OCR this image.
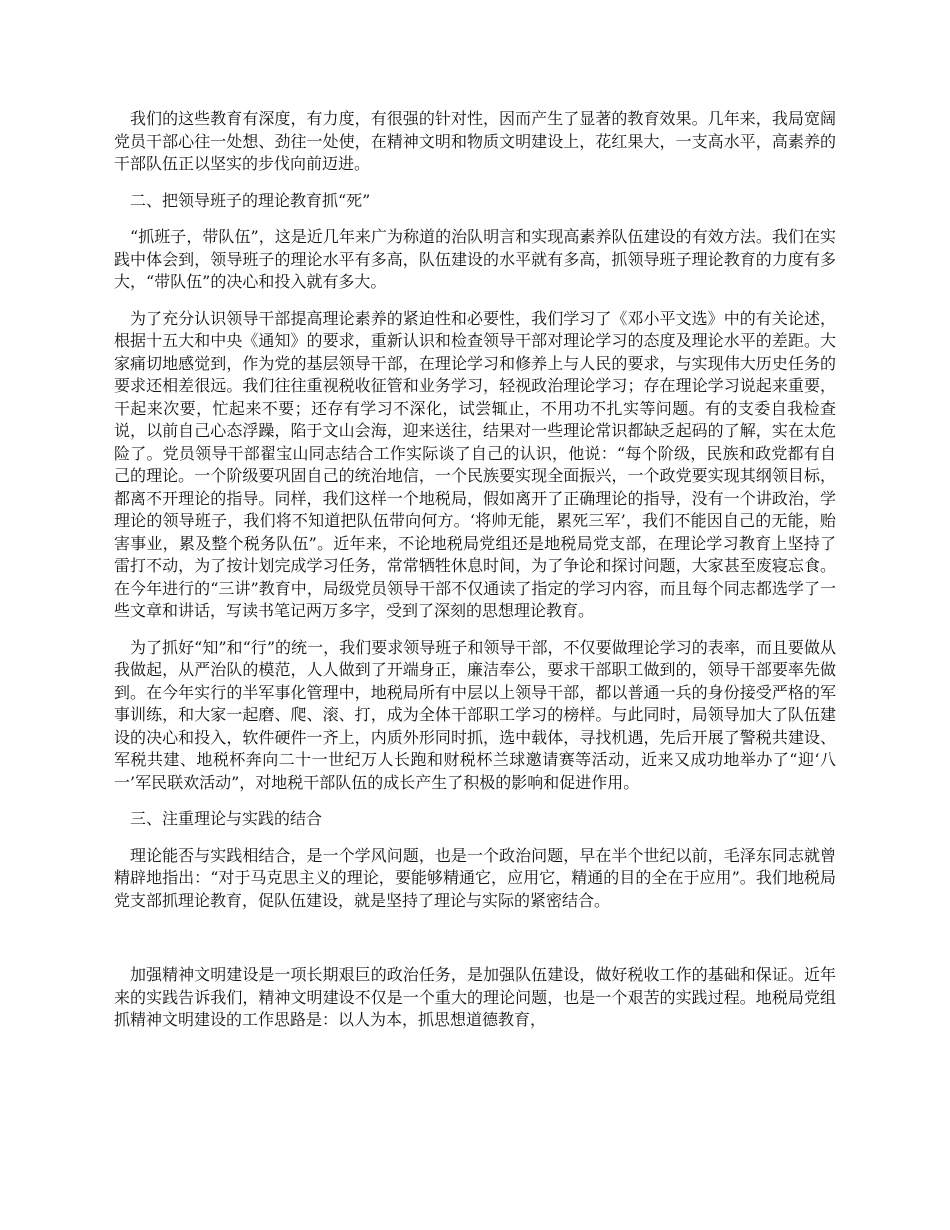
我们的这些教育有深度，有力度，有很强的针对性，因而产生了显著的教育效果。几年来，我局宽阔党员干部心往一处想、劲往一处使，在精神文明和物质文明建设上，花红果大，一支高水平，高素养的干部队伍正以坚实的步伐向前迈进。

二、把领导班子的理论教育抓“死”

“抓班子，带队伍”，这是近几年来广为称道的治队明言和实现高素养队伍建设的有效方法。我们在实践中体会到，领导班子的理论水平有多高，队伍建设的水平就有多高，抓领导班子理论教育的力度有多大，“带队伍”的决心和投入就有多大。

为了充分认识领导干部提高理论素养的紧迫性和必要性，我们学习了《邓小平文选》中的有关论述，根据十五大和中央《通知》的要求，重新认识和检查领导干部对理论学习的态度及理论水平的差距。大家痛切地感觉到，作为党的基层领导干部，在理论学习和修养上与人民的要求，与实现伟大历史任务的要求还相差很远。我们往往重视税收征管和业务学习，轻视政治理论学习；存在理论学习说起来重要，干起来次要，忙起来不要；还存有学习不深化，试尝辄止，不用功不扎实等问题。有的支委自我检查说，以前自己心态浮躁，陷于文山会海，迎来送往，结果对一些理论常识都缺乏起码的了解，实在太危险了。党员领导干部翟宝山同志结合工作实际谈了自己的认识，他说：“每个阶级，民族和政党都有自己的理论。一个阶级要巩固自己的统治地信，一个民族要实现全面振兴，一个政党要实现其纲领目标，都离不开理论的指导。同样，我们这样一个地税局，假如离开了正确理论的指导，没有一个讲政治，学理论的领导班子，我们将不知道把队伍带向何方。‘将帅无能，累死三军’，我们不能因自己的无能，贻害事业，累及整个税务队伍”。近年来，不论地税局党组还是地税局党支部，在理论学习教育上坚持了雷打不动，为了按计划完成学习任务，常常牺牲休息时间，为了争论和探讨问题，大家甚至废寝忘食。在今年进行的“三讲”教育中，局级党员领导干部不仅通读了指定的学习内容，而且每个同志都选学了一些文章和讲话，写读书笔记两万多字，受到了深刻的思想理论教育。

为了抓好“知”和“行”的统一，我们要求领导班子和领导干部，不仅要做理论学习的表率，而且要做从我做起，从严治队的模范，人人做到了开端身正，廉洁奉公，要求干部职工做到的，领导干部要率先做到。在今年实行的半军事化管理中，地税局所有中层以上领导干部，都以普通一兵的身份接受严格的军事训练，和大家一起磨、爬、滚、打，成为全体干部职工学习的榜样。与此同时，局领导加大了队伍建设的决心和投入，软件硬件一齐上，内质外形同时抓，选中载体，寻找机遇，先后开展了警税共建设、军税共建、地税杯奔向二十一世纪万人长跑和财税杯兰球邀请赛等活动，近来又成功地举办了“迎‘八一’军民联欢活动”，对地税干部队伍的成长产生了积极的影响和促进作用。

三、注重理论与实践的结合

理论能否与实践相结合，是一个学风问题，也是一个政治问题，早在半个世纪以前，毛泽东同志就曾精辟地指出：“对于马克思主义的理论，要能够精通它，应用它，精通的目的全在于应用”。我们地税局党支部抓理论教育，促队伍建设，就是坚持了理论与实际的紧密结合。

加强精神文明建设是一项长期艰巨的政治任务，是加强队伍建设，做好税收工作的基础和保证。近年来的实践告诉我们，精神文明建设不仅是一个重大的理论问题，也是一个艰苦的实践过程。地税局党组抓精神文明建设的工作思路是：以人为本，抓思想道德教育，
